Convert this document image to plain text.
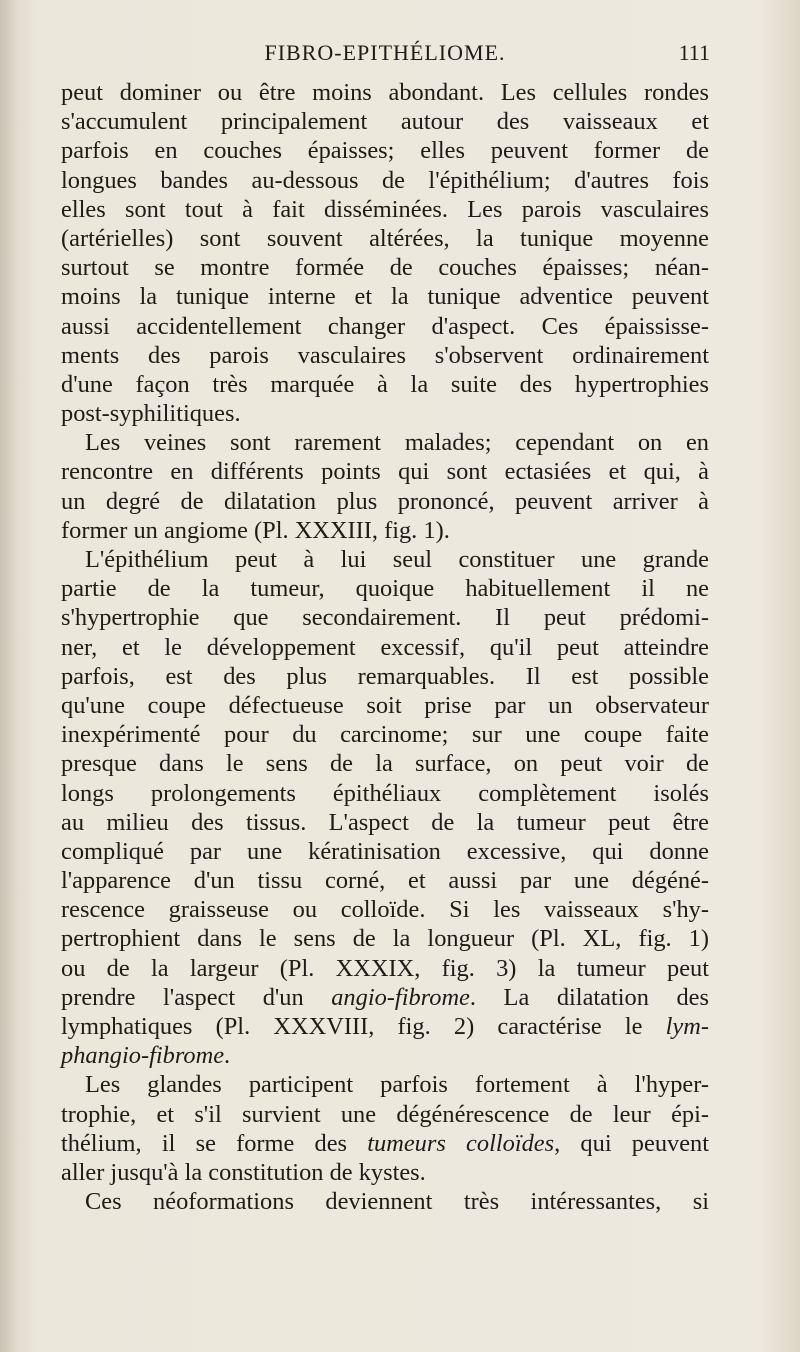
FIBRO-EPITHÉLIOME.	111
peut dominer ou être moins abondant. Les cellules rondes
s'accumulent principalement autour des vaisseaux et
parfois en couches épaisses; elles peuvent former de
longues bandes au-dessous de l'épithélium; d'autres fois
elles sont tout à fait disséminées. Les parois vasculaires
(artérielles) sont souvent altérées, la tunique moyenne
surtout se montre formée de couches épaisses; néan-
moins la tunique interne et la tunique adventice peuvent
aussi accidentellement changer d'aspect. Ces épaississe-
ments des parois vasculaires s'observent ordinairement
d'une façon très marquée à la suite des hypertrophies
post-syphilitiques.
Les veines sont rarement malades; cependant on en
rencontre en différents points qui sont ectasiées et qui, à
un degré de dilatation plus prononcé, peuvent arriver à
former un angiome (Pl. XXXIII, fig. 1).
L'épithélium peut à lui seul constituer une grande
partie de la tumeur, quoique habituellement il ne
s'hypertrophie que secondairement. Il peut prédomi-
ner, et le développement excessif, qu'il peut atteindre
parfois, est des plus remarquables. Il est possible
qu'une coupe défectueuse soit prise par un observateur
inexpérimenté pour du carcinome; sur une coupe faite
presque dans le sens de la surface, on peut voir de
longs prolongements épithéliaux complètement isolés
au milieu des tissus. L'aspect de la tumeur peut être
compliqué par une kératinisation excessive, qui donne
l'apparence d'un tissu corné, et aussi par une dégéné-
rescence graisseuse ou colloïde. Si les vaisseaux s'hy-
pertrophient dans le sens de la longueur (Pl. XL, fig. 1)
ou de la largeur (Pl. XXXIX, fig. 3) la tumeur peut
prendre l'aspect d'un angio-fibrome. La dilatation des
lymphatiques (Pl. XXXVIII, fig. 2) caractérise le lym-
phangio-fibrome.
Les glandes participent parfois fortement à l'hyper-
trophie, et s'il survient une dégénérescence de leur épi-
thélium, il se forme des tumeurs colloïdes, qui peuvent
aller jusqu'à la constitution de kystes.
Ces néoformations deviennent très intéressantes, si
